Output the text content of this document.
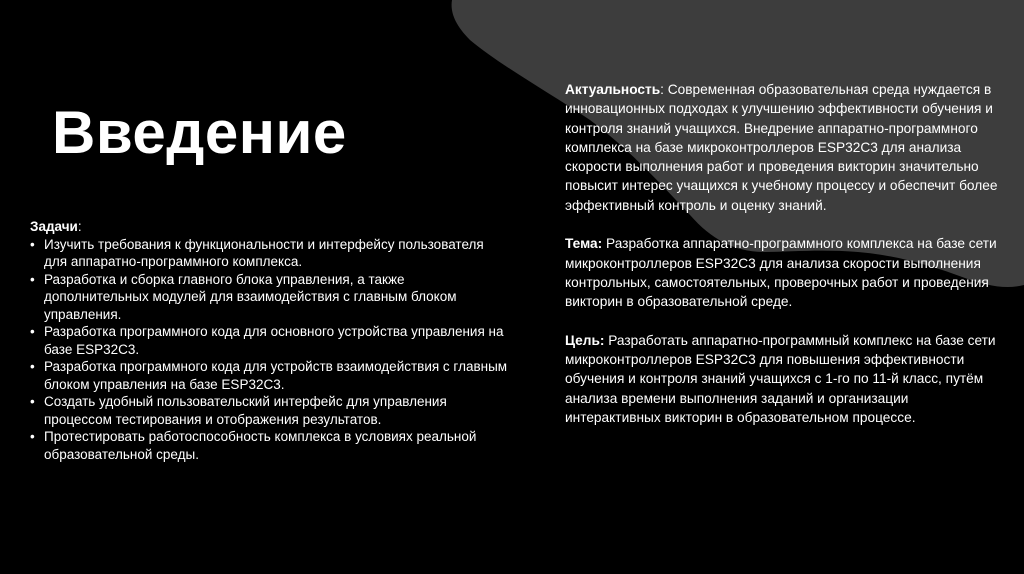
Введение
Задачи:
• Изучить требования к функциональности и интерфейсу пользователя для аппаратно-программного комплекса.
• Разработка и сборка главного блока управления, а также дополнительных модулей для взаимодействия с главным блоком управления.
• Разработка программного кода для основного устройства управления на базе ESP32C3.
• Разработка программного кода для устройств взаимодействия с главным блоком управления на базе ESP32C3.
• Создать удобный пользовательский интерфейс для управления процессом тестирования и отображения результатов.
• Протестировать работоспособность комплекса в условиях реальной образовательной среды.

Актуальность: Современная образовательная среда нуждается в инновационных подходах к улучшению эффективности обучения и контроля знаний учащихся. Внедрение аппаратно-программного комплекса на базе микроконтроллеров ESP32C3 для анализа скорости выполнения работ и проведения викторин значительно повысит интерес учащихся к учебному процессу и обеспечит более эффективный контроль и оценку знаний.

Тема: Разработка аппаратно-программного комплекса на базе сети микроконтроллеров ESP32C3 для анализа скорости выполнения контрольных, самостоятельных, проверочных работ и проведения викторин в образовательной среде.

Цель: Разработать аппаратно-программный комплекс на базе сети микроконтроллеров ESP32C3 для повышения эффективности обучения и контроля знаний учащихся с 1-го по 11-й класс, путём анализа времени выполнения заданий и организации интерактивных викторин в образовательном процессе.
